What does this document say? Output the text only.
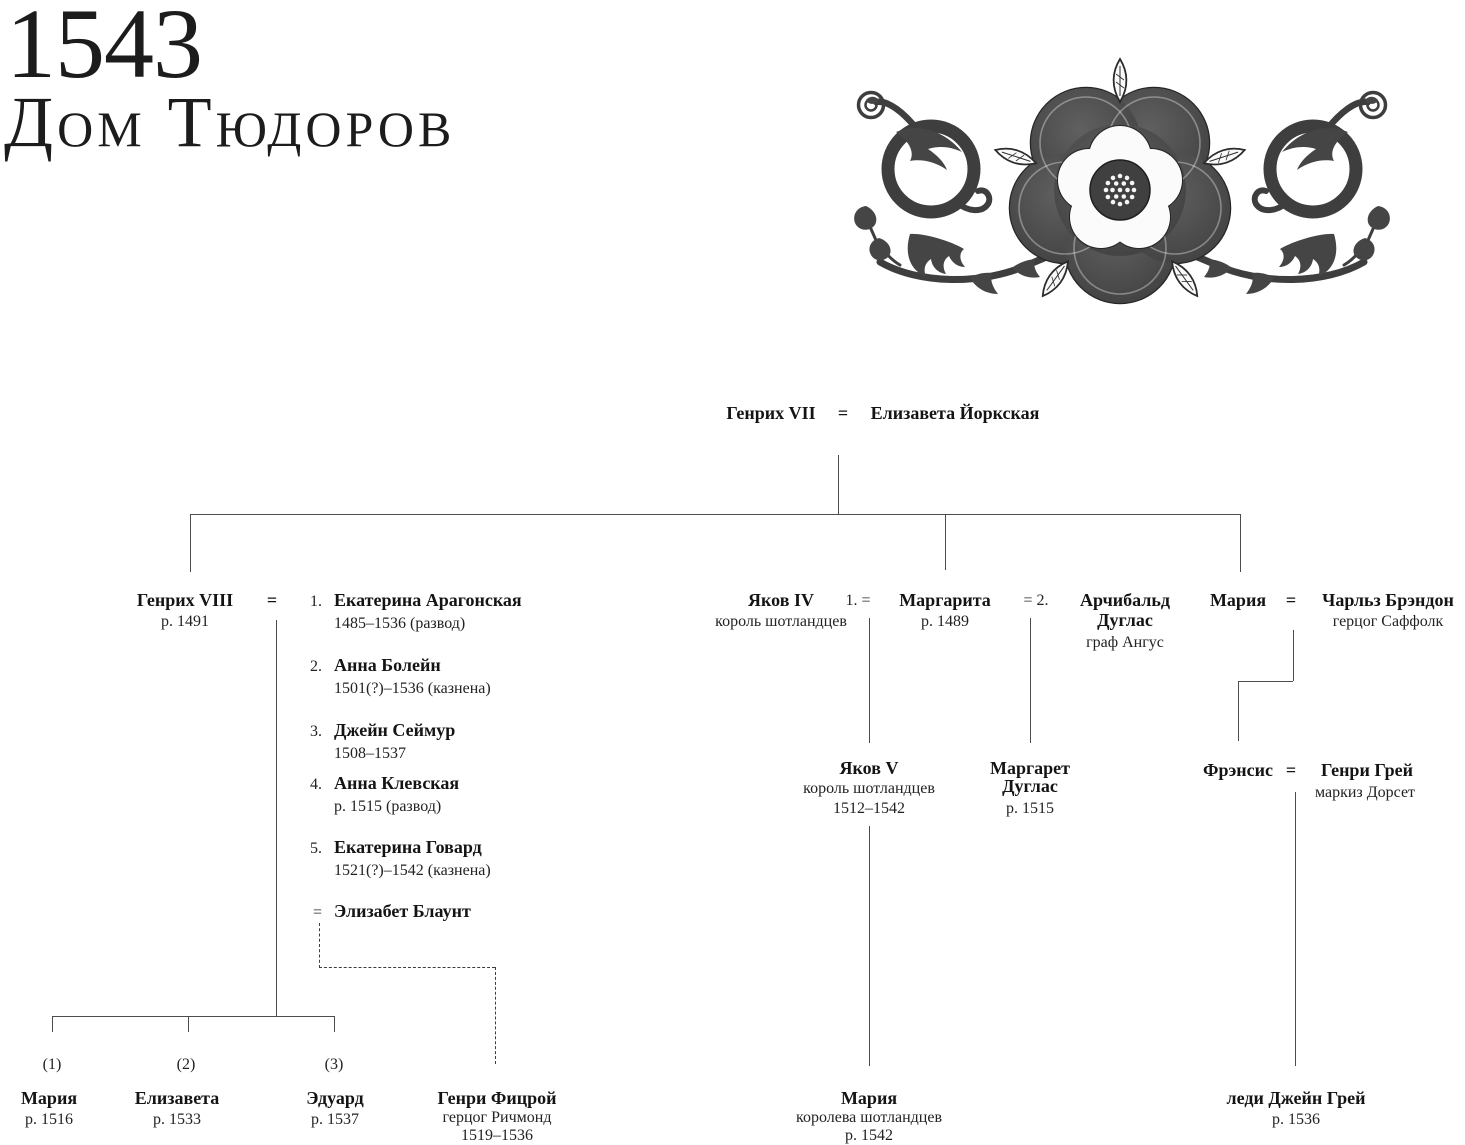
1543
Дом Тюдоров
Генрих VII = Елизавета Йоркская
Генрих VIII
р. 1491
= 1. Екатерина Арагонская
1485–1536 (развод)
2. Анна Болейн
1501(?)–1536 (казнена)
3. Джейн Сеймур
1508–1537
4. Анна Клевская
р. 1515 (развод)
5. Екатерина Говард
1521(?)–1542 (казнена)
= Элизабет Блаунт
Яков IV
король шотландцев
1. = Маргарита
р. 1489
= 2. Арчибальд
Дуглас
граф Ангус
Мария = Чарльз Брэндон
герцог Саффолк
Яков V
король шотландцев
1512–1542
Маргарет
Дуглас
р. 1515
Фрэнсис = Генри Грей
маркиз Дорсет
(1)	(2)	(3)
Мария
р. 1516
Елизавета
р. 1533
Эдуард
р. 1537
Генри Фицрой
герцог Ричмонд
1519–1536
Мария
королева шотландцев
р. 1542
леди Джейн Грей
р. 1536
